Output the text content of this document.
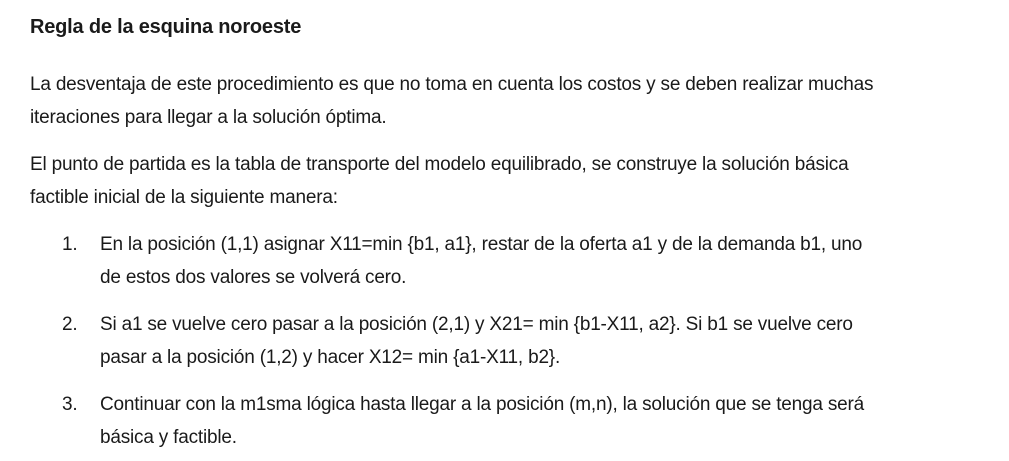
Regla de la esquina noroeste
La desventaja de este procedimiento es que no toma en cuenta los costos y se deben realizar muchas
iteraciones para llegar a la solución óptima.
El punto de partida es la tabla de transporte del modelo equilibrado, se construye la solución básica
factible inicial de la siguiente manera:
1.	En la posición (1,1) asignar X11=min {b1, a1}, restar de la oferta a1 y de la demanda b1, uno
de estos dos valores se volverá cero.
2.	Si a1 se vuelve cero pasar a la posición (2,1) y X21= min {b1-X11, a2}. Si b1 se vuelve cero
pasar a la posición (1,2) y hacer X12= min {a1-X11, b2}.
3.	Continuar con la m1sma lógica hasta llegar a la posición (m,n), la solución que se tenga será
básica y factible.
